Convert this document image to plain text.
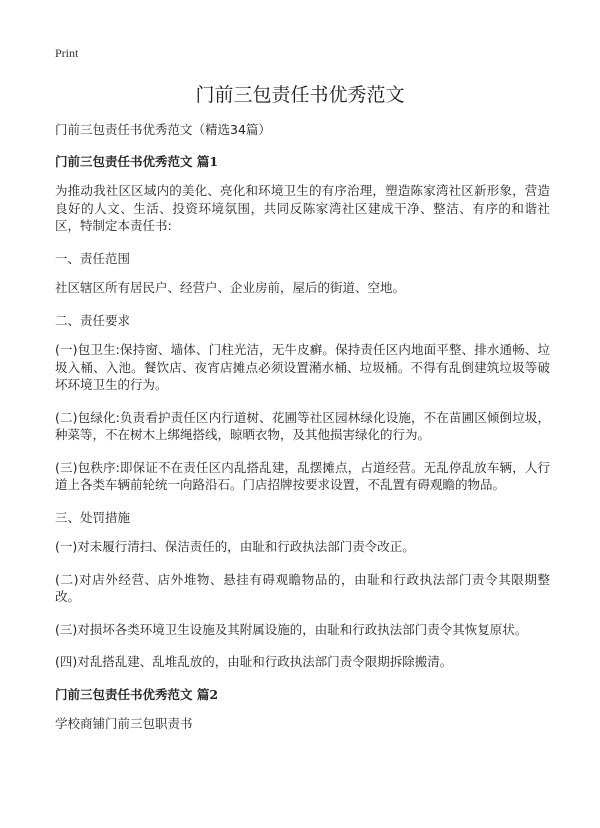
Print
门前三包责任书优秀范文

门前三包责任书优秀范文（精选34篇）

门前三包责任书优秀范文 篇1

为推动我社区区域内的美化、亮化和环境卫生的有序治理，塑造陈家湾社区新形象，营造良好的人文、生活、投资环境氛围，共同反陈家湾社区建成干净、整洁、有序的和谐社区，特制定本责任书:

一、责任范围

社区辖区所有居民户、经营户、企业房前，屋后的街道、空地。

二、责任要求

(一)包卫生:保持窗、墙体、门柱光洁，无牛皮癣。保持责任区内地面平整、排水通畅、垃圾入桶、入池。餐饮店、夜宵店摊点必须设置潲水桶、垃圾桶。不得有乱倒建筑垃圾等破坏环境卫生的行为。

(二)包绿化:负责看护责任区内行道树、花圃等社区园林绿化设施，不在苗圃区倾倒垃圾，种菜等，不在树木上绑绳搭线，晾晒衣物，及其他损害绿化的行为。

(三)包秩序:即保证不在责任区内乱搭乱建，乱摆摊点，占道经营。无乱停乱放车辆，人行道上各类车辆前轮统一向路沿石。门店招牌按要求设置，不乱置有碍观瞻的物品。

三、处罚措施

(一)对未履行清扫、保洁责任的，由耻和行政执法部门责令改正。

(二)对店外经营、店外堆物、悬挂有碍观瞻物品的，由耻和行政执法部门责令其限期整改。

(三)对损坏各类环境卫生设施及其附属设施的，由耻和行政执法部门责令其恢复原状。

(四)对乱搭乱建、乱堆乱放的，由耻和行政执法部门责令限期拆除搬清。

门前三包责任书优秀范文 篇2

学校商铺门前三包职责书
